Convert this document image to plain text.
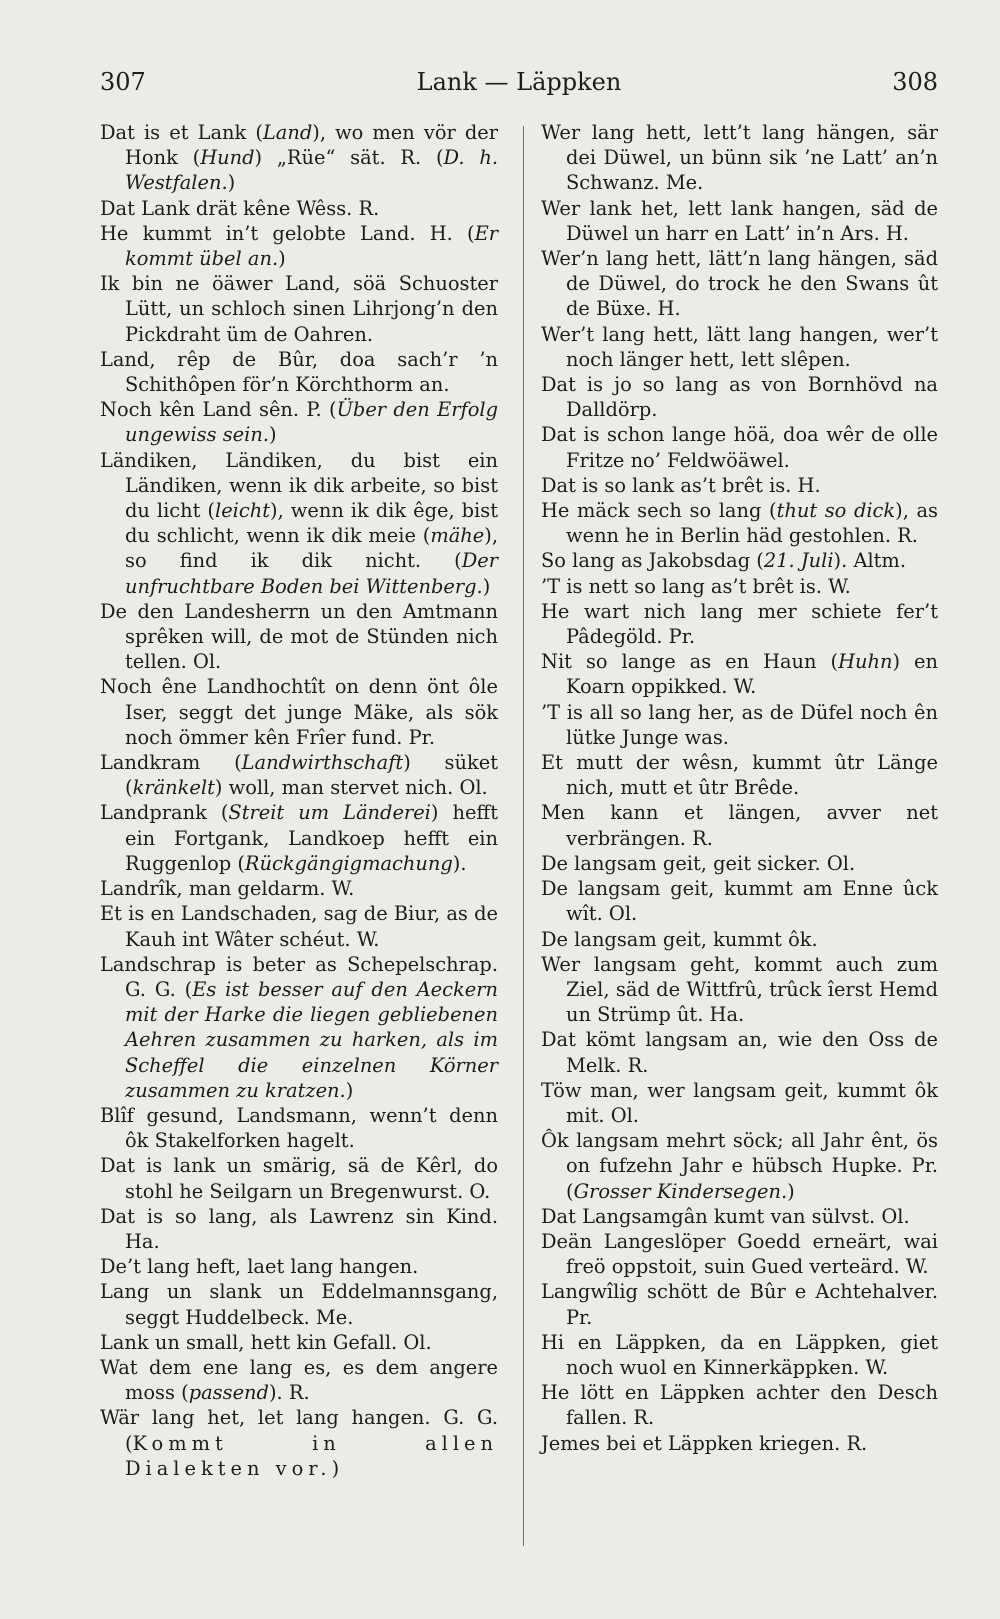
307	Lank — Läppken	308

Dat is et Lank (Land), wo men vör der Honk (Hund) „Rüe“ sät. R. (D. h. Westfalen.)

Dat Lank drät kêne Wêss. R.

He kummt in’t gelobte Land. H. (Er kommt übel an.)

Ik bin ne öäwer Land, söä Schuoster Lütt, un schloch sinen Lihrjong’n den Pickdraht üm de Oahren.

Land, rêp de Bûr, doa sach’r ’n Schithôpen för’n Körchthorm an.

Noch kên Land sên. P. (Über den Erfolg ungewiss sein.)

Ländiken, Ländiken, du bist ein Ländiken, wenn ik dik arbeite, so bist du licht (leicht), wenn ik dik êge, bist du schlicht, wenn ik dik meie (mähe), so find ik dik nicht. (Der unfruchtbare Boden bei Wittenberg.)

De den Landesherrn un den Amtmann sprêken will, de mot de Stünden nich tellen. Ol.

Noch êne Landhochtît on denn önt ôle Iser, seggt det junge Mäke, als sök noch ömmer kên Frîer fund. Pr.

Landkram (Landwirthschaft) süket (kränkelt) woll, man stervet nich. Ol.

Landprank (Streit um Länderei) hefft ein Fortgank, Landkoep hefft ein Ruggenlop (Rückgängigmachung).

Landrîk, man geldarm. W.

Et is en Landschaden, sag de Biur, as de Kauh int Wâter schéut. W.

Landschrap is beter as Schepelschrap. G. G. (Es ist besser auf den Aeckern mit der Harke die liegen gebliebenen Aehren zusammen zu harken, als im Scheffel die einzelnen Körner zusammen zu kratzen.)

Blîf gesund, Landsmann, wenn’t denn ôk Stakelforken hagelt.

Dat is lank un smärig, sä de Kêrl, do stohl he Seilgarn un Bregenwurst. O.

Dat is so lang, als Lawrenz sin Kind. Ha.

De’t lang heft, laet lang hangen.

Lang un slank un Eddelmannsgang, seggt Huddelbeck. Me.

Lank un small, hett kin Gefall. Ol.

Wat dem ene lang es, es dem angere moss (passend). R.

Wär lang het, let lang hangen. G. G. (Kommt in allen Dialekten vor.)

Wer lang hett, lett’t lang hängen, sär dei Düwel, un bünn sik ’ne Latt’ an’n Schwanz. Me.

Wer lank het, lett lank hangen, säd de Düwel un harr en Latt’ in’n Ars. H.

Wer’n lang hett, lätt’n lang hängen, säd de Düwel, do trock he den Swans ût de Büxe. H.

Wer’t lang hett, lätt lang hangen, wer’t noch länger hett, lett slêpen.

Dat is jo so lang as von Bornhövd na Dalldörp.

Dat is schon lange höä, doa wêr de olle Fritze no’ Feldwöäwel.

Dat is so lank as’t brêt is. H.

He mäck sech so lang (thut so dick), as wenn he in Berlin häd gestohlen. R.

So lang as Jakobsdag (21. Juli). Altm.

’T is nett so lang as’t brêt is. W.

He wart nich lang mer schiete fer’t Pâdegöld. Pr.

Nit so lange as en Haun (Huhn) en Koarn oppikked. W.

’T is all so lang her, as de Düfel noch ên lütke Junge was.

Et mutt der wêsn, kummt ûtr Länge nich, mutt et ûtr Brêde.

Men kann et längen, avver net verbrängen. R.

De langsam geit, geit sicker. Ol.

De langsam geit, kummt am Enne ûck wît. Ol.

De langsam geit, kummt ôk.

Wer langsam geht, kommt auch zum Ziel, säd de Wittfrû, trûck îerst Hemd un Strümp ût. Ha.

Dat kömt langsam an, wie den Oss de Melk. R.

Töw man, wer langsam geit, kummt ôk mit. Ol.

Ôk langsam mehrt söck; all Jahr ênt, ös on fufzehn Jahr e hübsch Hupke. Pr. (Grosser Kindersegen.)

Dat Langsamgân kumt van sülvst. Ol.

Deän Langeslöper Goedd erneärt, wai freö oppstoit, suin Gued verteärd. W.

Langwîlig schött de Bûr e Achtehalver. Pr.

Hi en Läppken, da en Läppken, giet noch wuol en Kinnerkäppken. W.

He lött en Läppken achter den Desch fallen. R.

Jemes bei et Läppken kriegen. R.
